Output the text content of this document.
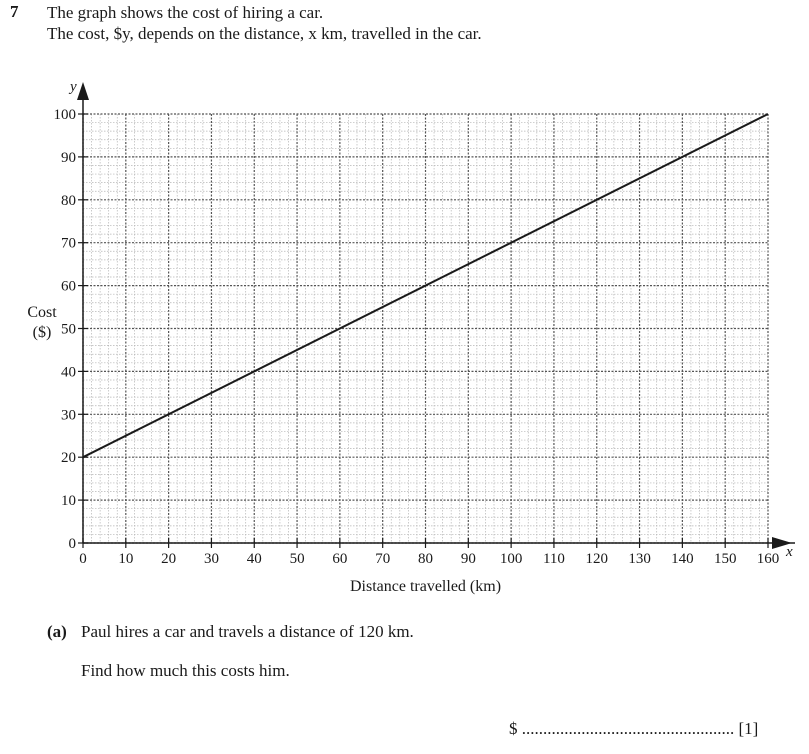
7 The graph shows the cost of hiring a car.
The cost, $y, depends on the distance, x km, travelled in the car.
x
y
0 10 20 30 40 50 60 70 80 90 100 110 120 130 140 150 160
0
10
20
30
40
50
60
70
80
90
100
Distance travelled (km)
Cost
($)
(a) Paul hires a car and travels a distance of 120 km.
Find how much this costs him.
$ .................................................. [1]
